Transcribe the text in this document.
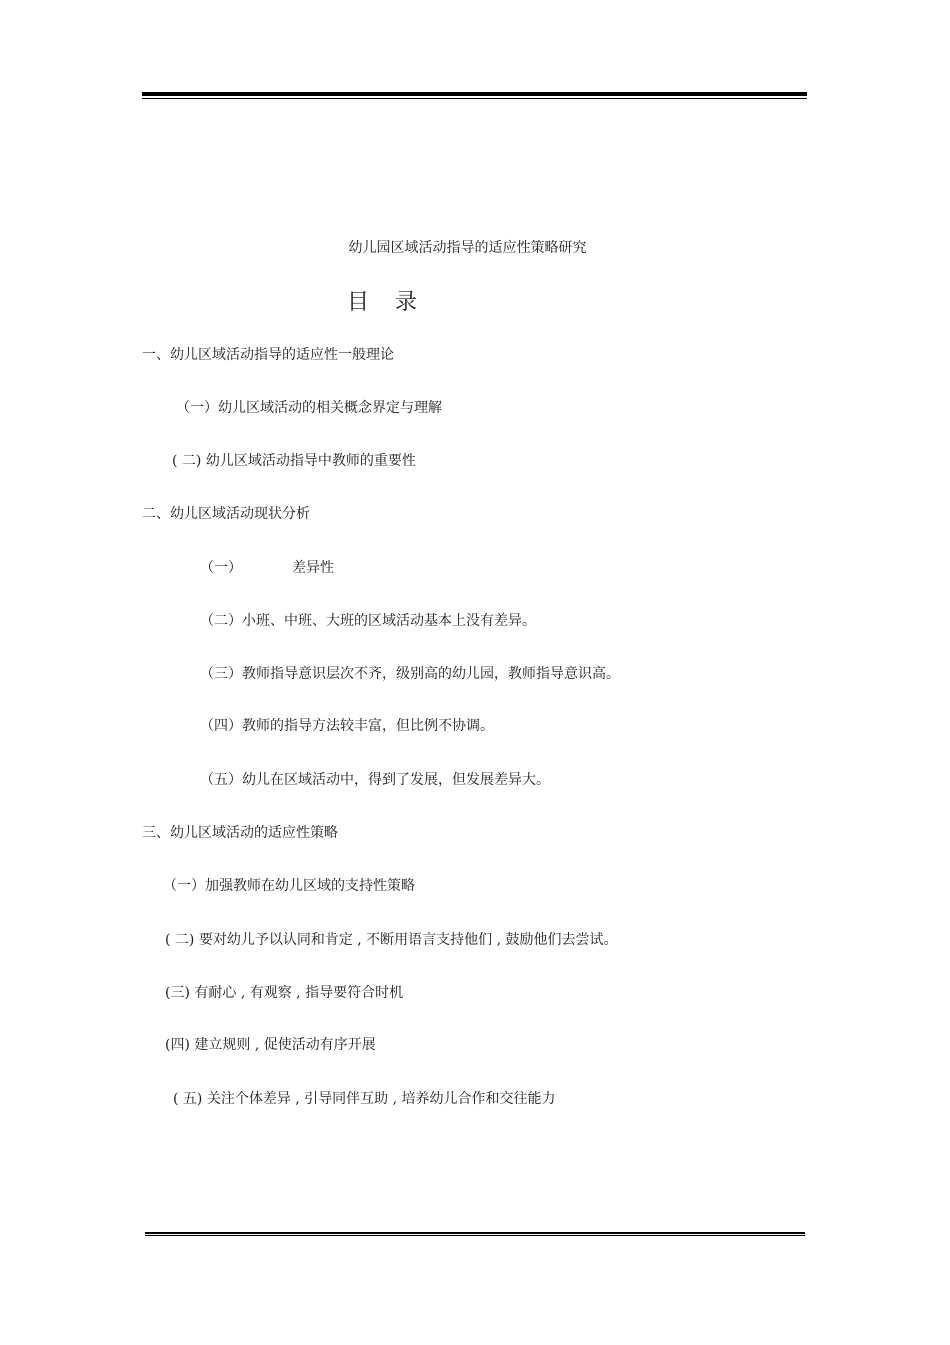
幼儿园区域活动指导的适应性策略研究
目 录
一、幼儿区域活动指导的适应性一般理论
（一）幼儿区域活动的相关概念界定与理解
( 二) 幼儿区域活动指导中教师的重要性
二、幼儿区域活动现状分析
（一）	差异性
（二）小班、中班、大班的区域活动基本上没有差异。
（三）教师指导意识层次不齐，级别高的幼儿园，教师指导意识高。
（四）教师的指导方法较丰富，但比例不协调。
（五）幼儿在区域活动中，得到了发展，但发展差异大。
三、幼儿区域活动的适应性策略
（一）加强教师在幼儿区域的支持性策略
( 二) 要对幼儿予以认同和肯定 , 不断用语言支持他们 , 鼓励他们去尝试。
(三) 有耐心 , 有观察 , 指导要符合时机
(四) 建立规则 , 促使活动有序开展
( 五) 关注个体差异 , 引导同伴互助 , 培养幼儿合作和交往能力
